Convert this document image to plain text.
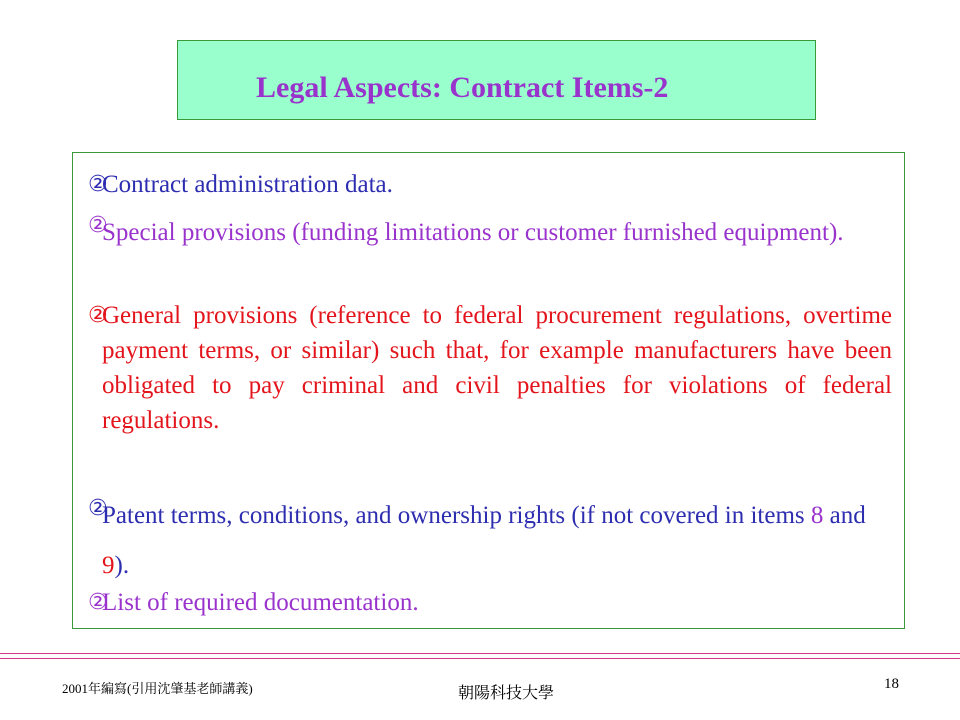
Legal Aspects: Contract Items-2
②
Contract administration data.
②
Special provisions (funding limitations or customer furnished equipment).
②
General provisions (reference to federal procurement regulations, overtime payment terms, or similar) such that, for example manufacturers have been obligated to pay criminal and civil penalties for violations of federal regulations.
②
Patent terms, conditions, and ownership rights (if not covered in items 8 and 9).
②
List of required documentation.
2001年編寫(引用沈肇基老師講義)	朝陽科技大學	18
